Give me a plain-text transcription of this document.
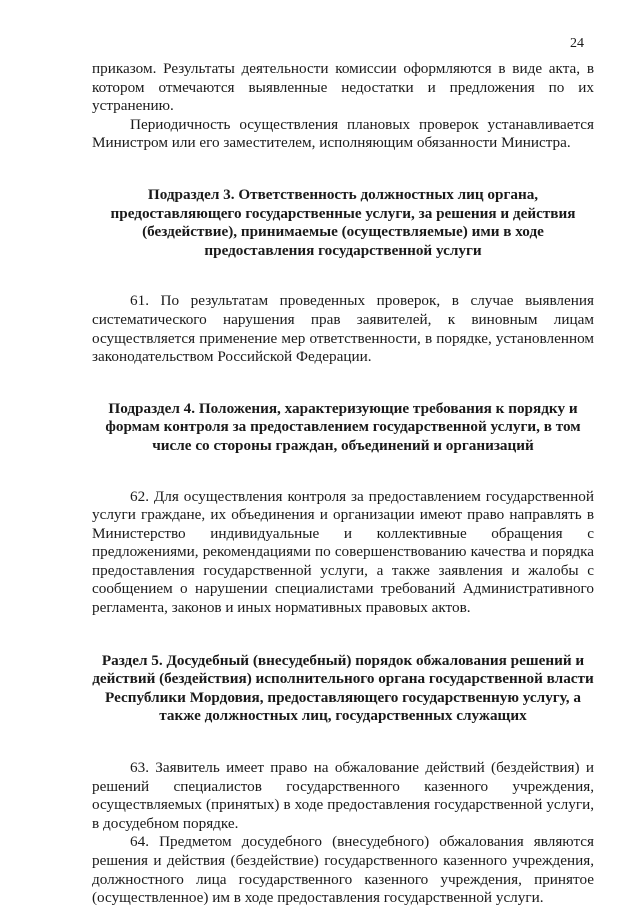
24

приказом. Результаты деятельности комиссии оформляются в виде акта, в котором отмечаются выявленные недостатки и предложения по их устранению.

Периодичность осуществления плановых проверок устанавливается Министром или его заместителем, исполняющим обязанности Министра.

Подраздел 3. Ответственность должностных лиц органа, предоставляющего государственные услуги, за решения и действия (бездействие), принимаемые (осуществляемые) ими в ходе предоставления государственной услуги

61. По результатам проведенных проверок, в случае выявления систематического нарушения прав заявителей, к виновным лицам осуществляется применение мер ответственности, в порядке, установленном законодательством Российской Федерации.

Подраздел 4. Положения, характеризующие требования к порядку и формам контроля за предоставлением государственной услуги, в том числе со стороны граждан, объединений и организаций

62. Для осуществления контроля за предоставлением государственной услуги граждане, их объединения и организации имеют право направлять в Министерство индивидуальные и коллективные обращения с предложениями, рекомендациями по совершенствованию качества и порядка предоставления государственной услуги, а также заявления и жалобы с сообщением о нарушении специалистами требований Административного регламента, законов и иных нормативных правовых актов.

Раздел 5. Досудебный (внесудебный) порядок обжалования решений и действий (бездействия) исполнительного органа государственной власти Республики Мордовия, предоставляющего государственную услугу, а также должностных лиц, государственных служащих

63. Заявитель имеет право на обжалование действий (бездействия) и решений специалистов государственного казенного учреждения, осуществляемых (принятых) в ходе предоставления государственной услуги, в досудебном порядке.

64. Предметом досудебного (внесудебного) обжалования являются решения и действия (бездействие) государственного казенного учреждения, должностного лица государственного казенного учреждения, принятое (осуществленное) им в ходе предоставления государственной услуги.
